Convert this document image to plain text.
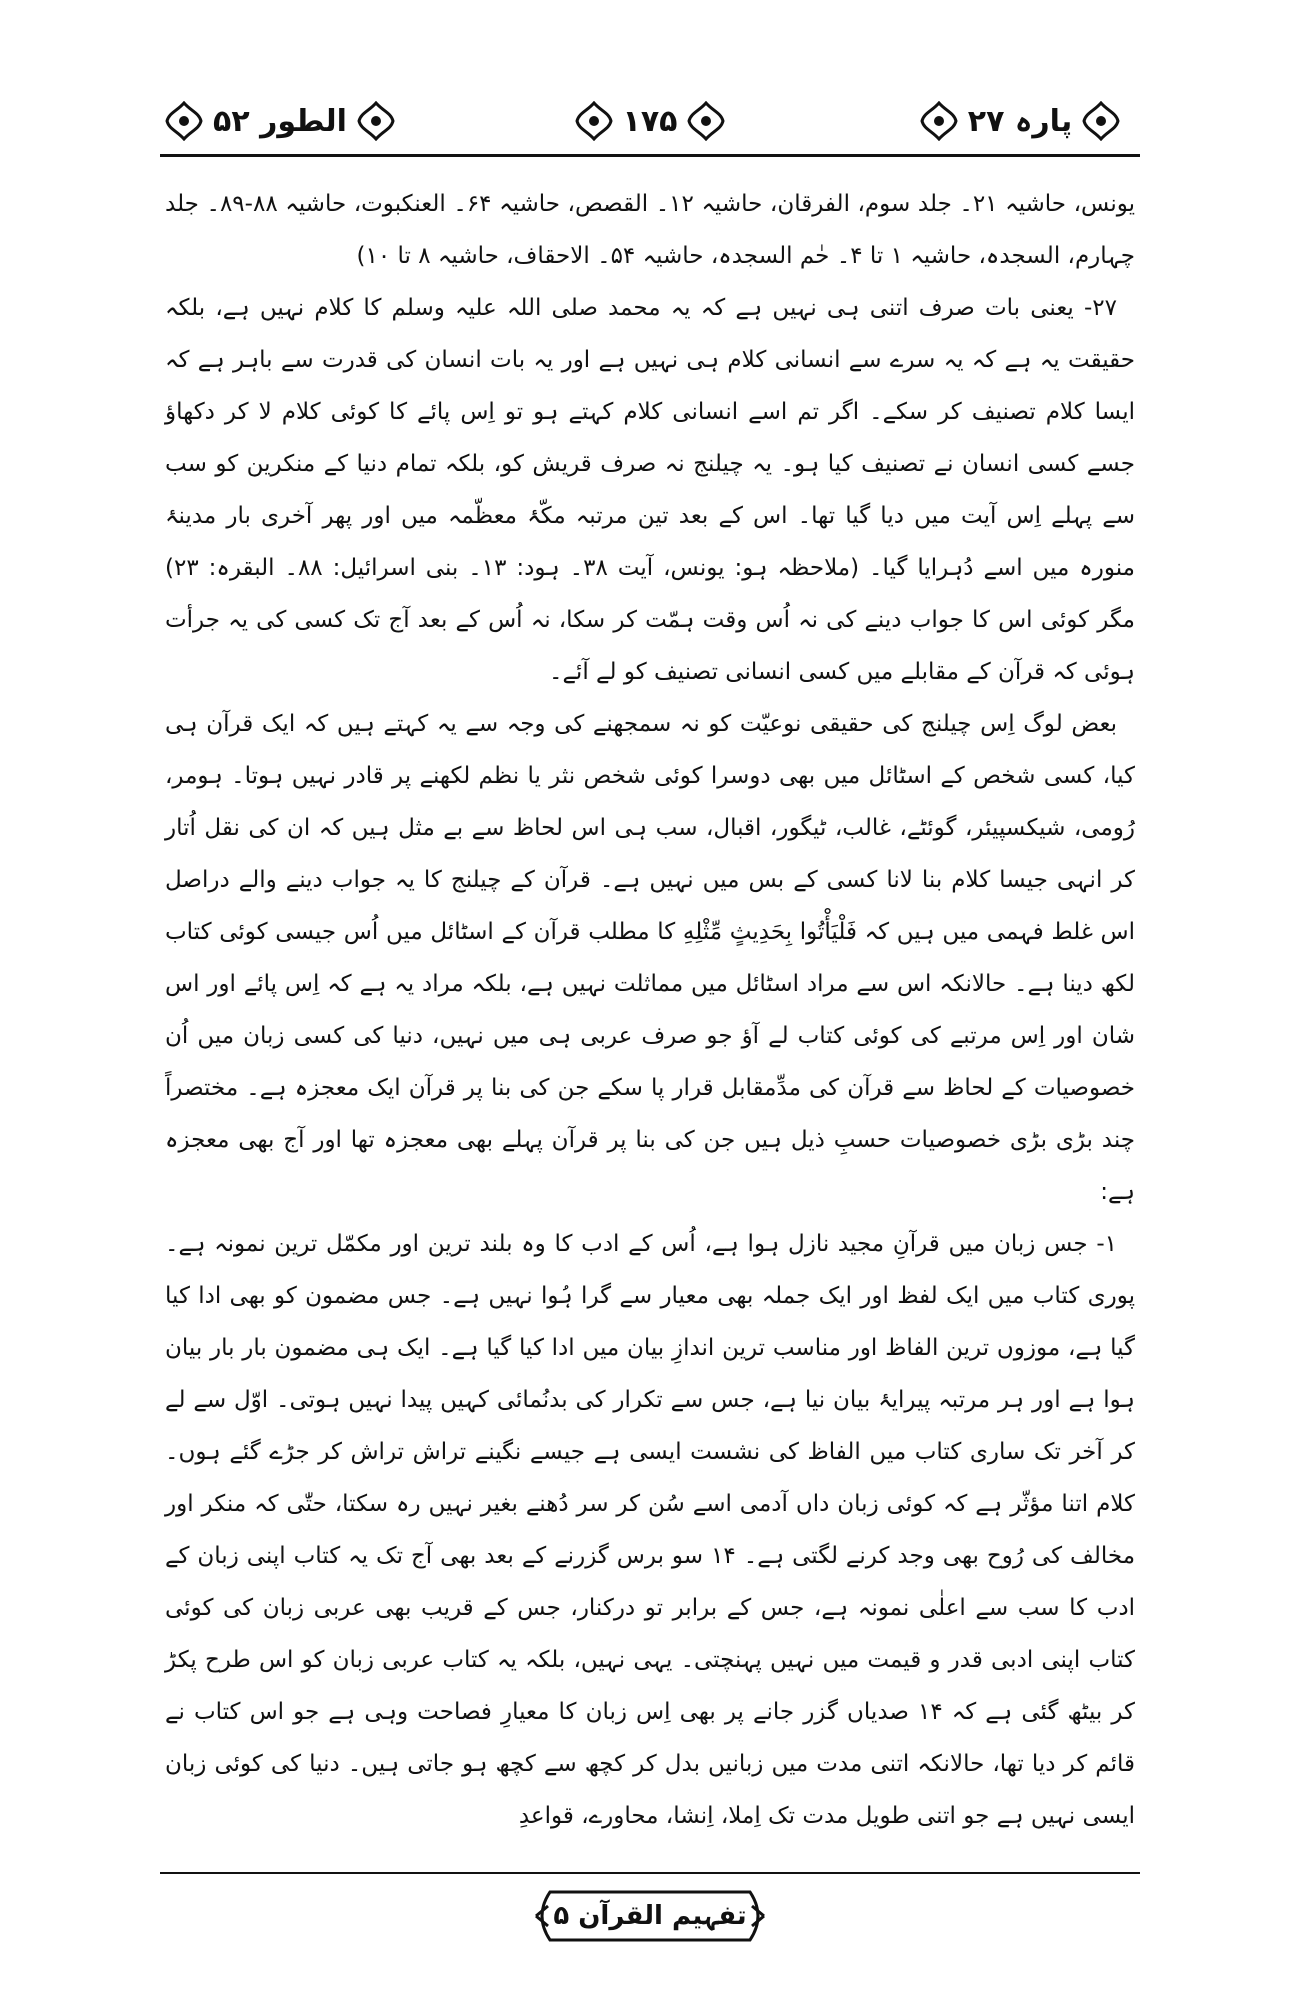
الطور ۵۲	۱۷۵	پارہ ۲۷

یونس، حاشیہ ۲۱۔ جلد سوم، الفرقان، حاشیہ ۱۲۔ القصص، حاشیہ ۶۴۔ العنکبوت، حاشیہ ۸۸-۸۹۔ جلد چہارم، السجدہ، حاشیہ ۱ تا ۴۔ حٰم السجدہ، حاشیہ ۵۴۔ الاحقاف، حاشیہ ۸ تا ۱۰)

۲۷- یعنی بات صرف اتنی ہی نہیں ہے کہ یہ محمد صلی اللہ علیہ وسلم کا کلام نہیں ہے، بلکہ حقیقت یہ ہے کہ یہ سرے سے انسانی کلام ہی نہیں ہے اور یہ بات انسان کی قدرت سے باہر ہے کہ ایسا کلام تصنیف کر سکے۔ اگر تم اسے انسانی کلام کہتے ہو تو اِس پائے کا کوئی کلام لا کر دکھاؤ جسے کسی انسان نے تصنیف کیا ہو۔ یہ چیلنج نہ صرف قریش کو، بلکہ تمام دنیا کے منکرین کو سب سے پہلے اِس آیت میں دیا گیا تھا۔ اس کے بعد تین مرتبہ مکّۂ معظّمہ میں اور پھر آخری بار مدینۂ منورہ میں اسے دُہرایا گیا۔ (ملاحظہ ہو: یونس، آیت ۳۸۔ ہود: ۱۳۔ بنی اسرائیل: ۸۸۔ البقرہ: ۲۳) مگر کوئی اس کا جواب دینے کی نہ اُس وقت ہمّت کر سکا، نہ اُس کے بعد آج تک کسی کی یہ جرأت ہوئی کہ قرآن کے مقابلے میں کسی انسانی تصنیف کو لے آئے۔

بعض لوگ اِس چیلنج کی حقیقی نوعیّت کو نہ سمجھنے کی وجہ سے یہ کہتے ہیں کہ ایک قرآن ہی کیا، کسی شخص کے اسٹائل میں بھی دوسرا کوئی شخص نثر یا نظم لکھنے پر قادر نہیں ہوتا۔ ہومر، رُومی، شیکسپیئر، گوئٹے، غالب، ٹیگور، اقبال، سب ہی اس لحاظ سے بے مثل ہیں کہ ان کی نقل اُتار کر انہی جیسا کلام بنا لانا کسی کے بس میں نہیں ہے۔ قرآن کے چیلنج کا یہ جواب دینے والے دراصل اس غلط فہمی میں ہیں کہ فَلْيَأْتُوا بِحَدِيثٍ مِّثْلِهِ کا مطلب قرآن کے اسٹائل میں اُس جیسی کوئی کتاب لکھ دینا ہے۔ حالانکہ اس سے مراد اسٹائل میں مماثلت نہیں ہے، بلکہ مراد یہ ہے کہ اِس پائے اور اس شان اور اِس مرتبے کی کوئی کتاب لے آؤ جو صرف عربی ہی میں نہیں، دنیا کی کسی زبان میں اُن خصوصیات کے لحاظ سے قرآن کی مدِّمقابل قرار پا سکے جن کی بنا پر قرآن ایک معجزہ ہے۔ مختصراً چند بڑی بڑی خصوصیات حسبِ ذیل ہیں جن کی بنا پر قرآن پہلے بھی معجزہ تھا اور آج بھی معجزہ ہے:

۱- جس زبان میں قرآنِ مجید نازل ہوا ہے، اُس کے ادب کا وہ بلند ترین اور مکمّل ترین نمونہ ہے۔ پوری کتاب میں ایک لفظ اور ایک جملہ بھی معیار سے گرا ہُوا نہیں ہے۔ جس مضمون کو بھی ادا کیا گیا ہے، موزوں ترین الفاظ اور مناسب ترین اندازِ بیان میں ادا کیا گیا ہے۔ ایک ہی مضمون بار بار بیان ہوا ہے اور ہر مرتبہ پیرایۂ بیان نیا ہے، جس سے تکرار کی بدنُمائی کہیں پیدا نہیں ہوتی۔ اوّل سے لے کر آخر تک ساری کتاب میں الفاظ کی نشست ایسی ہے جیسے نگینے تراش تراش کر جڑے گئے ہوں۔ کلام اتنا مؤثّر ہے کہ کوئی زبان داں آدمی اسے سُن کر سر دُھنے بغیر نہیں رہ سکتا، حتّٰی کہ منکر اور مخالف کی رُوح بھی وجد کرنے لگتی ہے۔ ۱۴ سو برس گزرنے کے بعد بھی آج تک یہ کتاب اپنی زبان کے ادب کا سب سے اعلٰی نمونہ ہے، جس کے برابر تو درکنار، جس کے قریب بھی عربی زبان کی کوئی کتاب اپنی ادبی قدر و قیمت میں نہیں پہنچتی۔ یہی نہیں، بلکہ یہ کتاب عربی زبان کو اس طرح پکڑ کر بیٹھ گئی ہے کہ ۱۴ صدیاں گزر جانے پر بھی اِس زبان کا معیارِ فصاحت وہی ہے جو اس کتاب نے قائم کر دیا تھا، حالانکہ اتنی مدت میں زبانیں بدل کر کچھ سے کچھ ہو جاتی ہیں۔ دنیا کی کوئی زبان ایسی نہیں ہے جو اتنی طویل مدت تک اِملا، اِنشا، محاورے، قواعدِ

تفہیم القرآن ۵
